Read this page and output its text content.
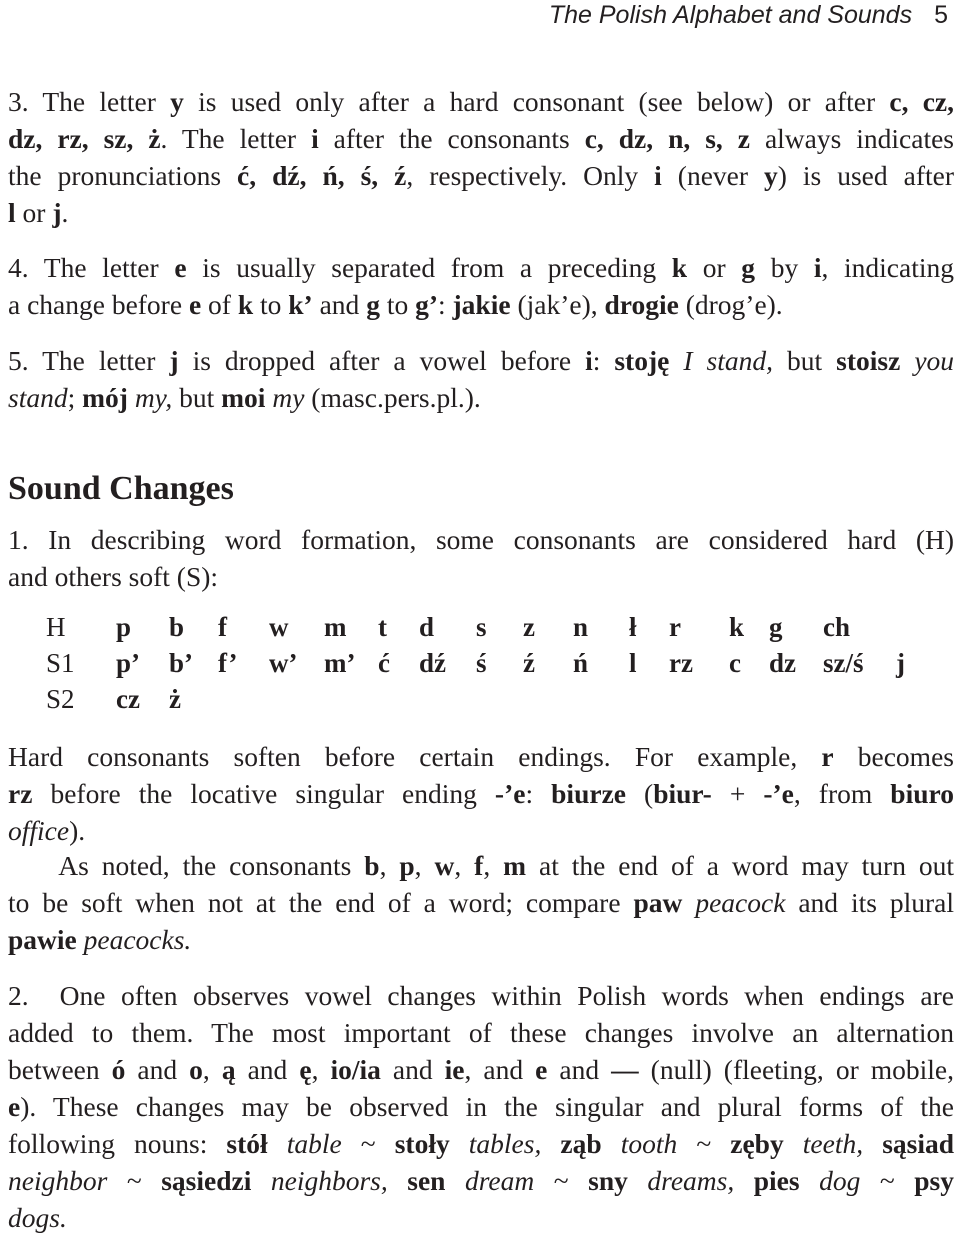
The Polish Alphabet and Sounds 5
3. The letter y is used only after a hard consonant (see below) or after c, cz,
dz, rz, sz, ż. The letter i after the consonants c, dz, n, s, z always indicates
the pronunciations ć, dź, ń, ś, ź, respectively. Only i (never y) is used after
l or j.
4. The letter e is usually separated from a preceding k or g by i, indicating
a change before e of k to k’ and g to g’: jakie (jak’e), drogie (drog’e).
5. The letter j is dropped after a vowel before i: stoję I stand, but stoisz you
stand; mój my, but moi my (masc.pers.pl.).
Sound Changes
1. In describing word formation, some consonants are considered hard (H)
and others soft (S):
H p b f w m t d s z n ł r k g ch
S1 p’ b’ f’ w’ m’ ć dź ś ź ń l rz c dz sz/ś j
S2 cz ż
Hard consonants soften before certain endings. For example, r becomes
rz before the locative singular ending -’e: biurze (biur- + -’e, from biuro
office).
As noted, the consonants b, p, w, f, m at the end of a word may turn out
to be soft when not at the end of a word; compare paw peacock and its plural
pawie peacocks.
2.  One often observes vowel changes within Polish words when endings are
added to them. The most important of these changes involve an alternation
between ó and o, ą and ę, io/ia and ie, and e and — (null) (fleeting, or mobile,
e). These changes may be observed in the singular and plural forms of the
following nouns: stół table ~ stoły tables, ząb tooth ~ zęby teeth, sąsiad
neighbor ~ sąsiedzi neighbors, sen dream ~ sny dreams, pies dog ~ psy
dogs.
